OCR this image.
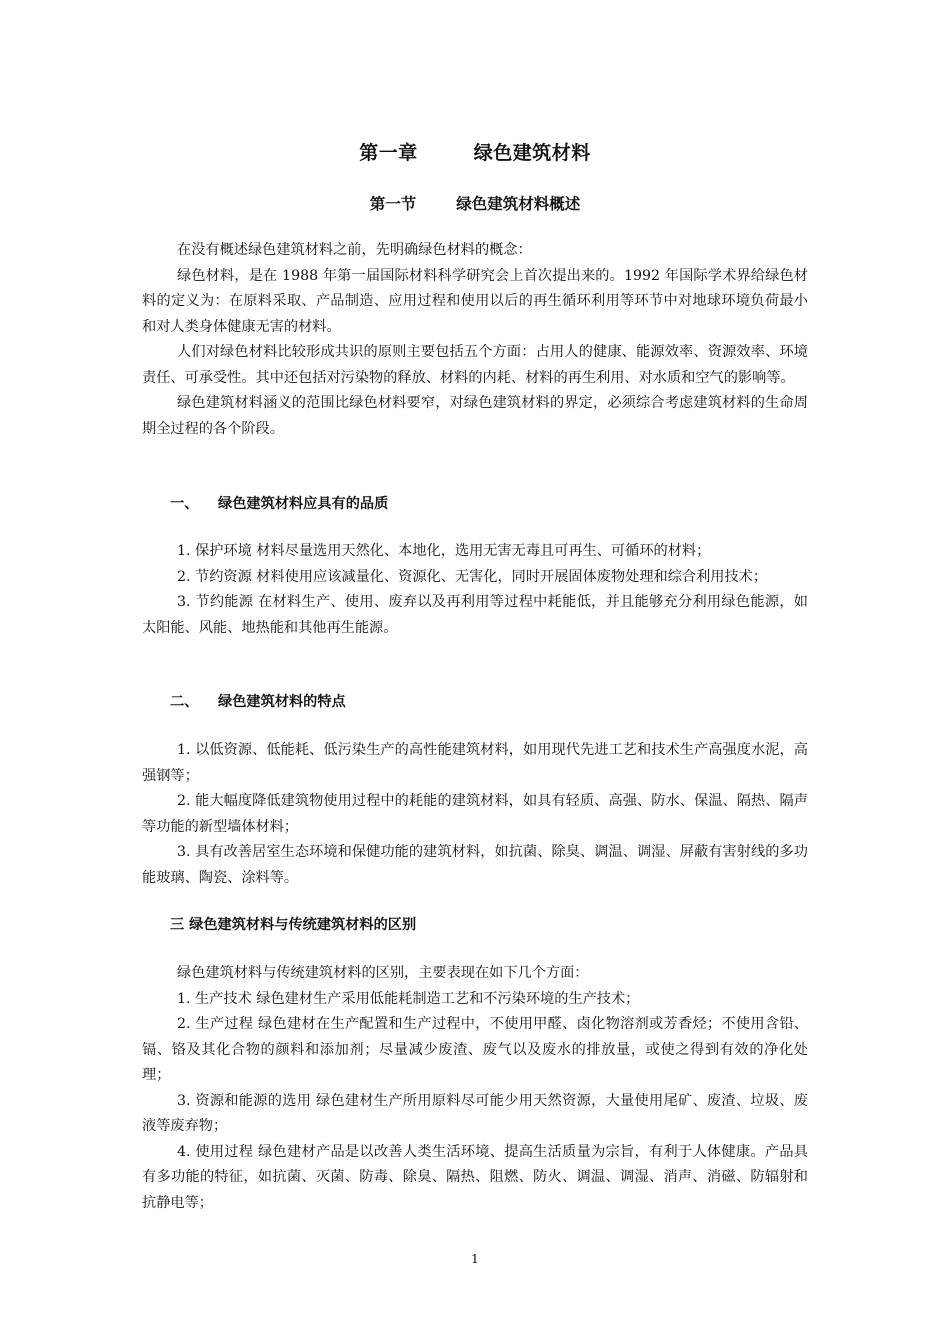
第一章	绿色建筑材料
第一节	绿色建筑材料概述

在没有概述绿色建筑材料之前，先明确绿色材料的概念：

绿色材料，是在 1988 年第一届国际材料科学研究会上首次提出来的。1992 年国际学术界给绿色材料的定义为：在原料采取、产品制造、应用过程和使用以后的再生循环利用等环节中对地球环境负荷最小和对人类身体健康无害的材料。

人们对绿色材料比较形成共识的原则主要包括五个方面：占用人的健康、能源效率、资源效率、环境责任、可承受性。其中还包括对污染物的释放、材料的内耗、材料的再生利用、对水质和空气的影响等。

绿色建筑材料涵义的范围比绿色材料要窄，对绿色建筑材料的界定，必须综合考虑建筑材料的生命周期全过程的各个阶段。

一、 绿色建筑材料应具有的品质

1. 保护环境 材料尽量选用天然化、本地化，选用无害无毒且可再生、可循环的材料；

2. 节约资源 材料使用应该减量化、资源化、无害化，同时开展固体废物处理和综合利用技术；

3. 节约能源 在材料生产、使用、废弃以及再利用等过程中耗能低，并且能够充分利用绿色能源，如太阳能、风能、地热能和其他再生能源。

二、 绿色建筑材料的特点

1. 以低资源、低能耗、低污染生产的高性能建筑材料，如用现代先进工艺和技术生产高强度水泥，高强钢等；

2. 能大幅度降低建筑物使用过程中的耗能的建筑材料，如具有轻质、高强、防水、保温、隔热、隔声等功能的新型墙体材料；

3. 具有改善居室生态环境和保健功能的建筑材料，如抗菌、除臭、调温、调湿、屏蔽有害射线的多功能玻璃、陶瓷、涂料等。

三 绿色建筑材料与传统建筑材料的区别

绿色建筑材料与传统建筑材料的区别，主要表现在如下几个方面：

1. 生产技术 绿色建材生产采用低能耗制造工艺和不污染环境的生产技术；

2. 生产过程 绿色建材在生产配置和生产过程中，不使用甲醛、卤化物溶剂或芳香烃；不使用含铅、镉、铬及其化合物的颜料和添加剂；尽量减少废渣、废气以及废水的排放量，或使之得到有效的净化处理；

3. 资源和能源的选用 绿色建材生产所用原料尽可能少用天然资源，大量使用尾矿、废渣、垃圾、废液等废弃物；

4. 使用过程 绿色建材产品是以改善人类生活环境、提高生活质量为宗旨，有利于人体健康。产品具有多功能的特征，如抗菌、灭菌、防毒、除臭、隔热、阻燃、防火、调温、调湿、消声、消磁、防辐射和抗静电等；

1
